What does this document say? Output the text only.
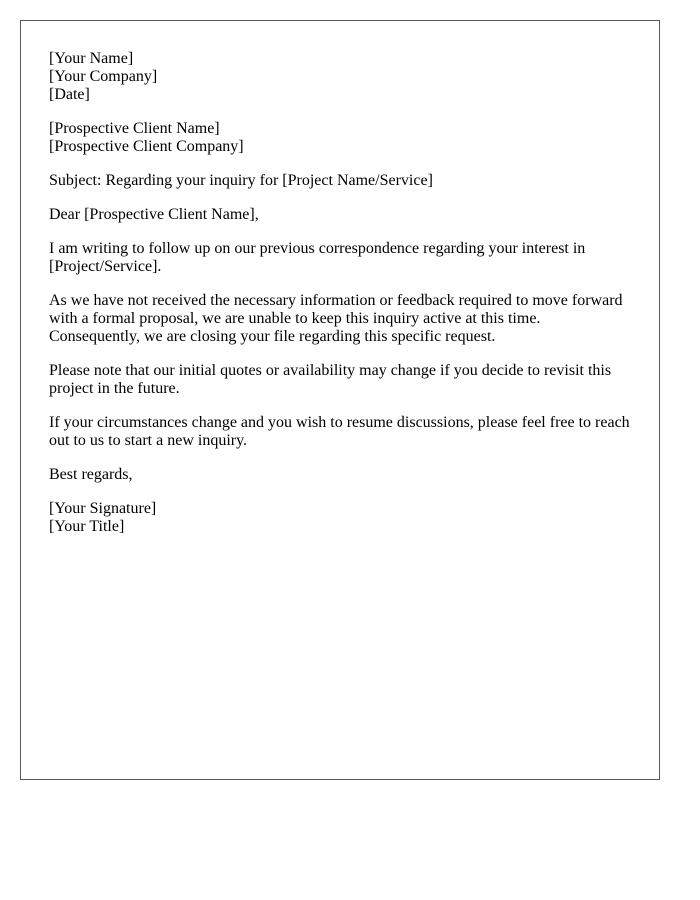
[Your Name]
[Your Company]
[Date]
[Prospective Client Name]
[Prospective Client Company]

Subject: Regarding your inquiry for [Project Name/Service]

Dear [Prospective Client Name],

I am writing to follow up on our previous correspondence regarding your interest in [Project/Service].

As we have not received the necessary information or feedback required to move forward with a formal proposal, we are unable to keep this inquiry active at this time. Consequently, we are closing your file regarding this specific request.

Please note that our initial quotes or availability may change if you decide to revisit this project in the future.

If your circumstances change and you wish to resume discussions, please feel free to reach out to us to start a new inquiry.

Best regards,

[Your Signature]
[Your Title]
